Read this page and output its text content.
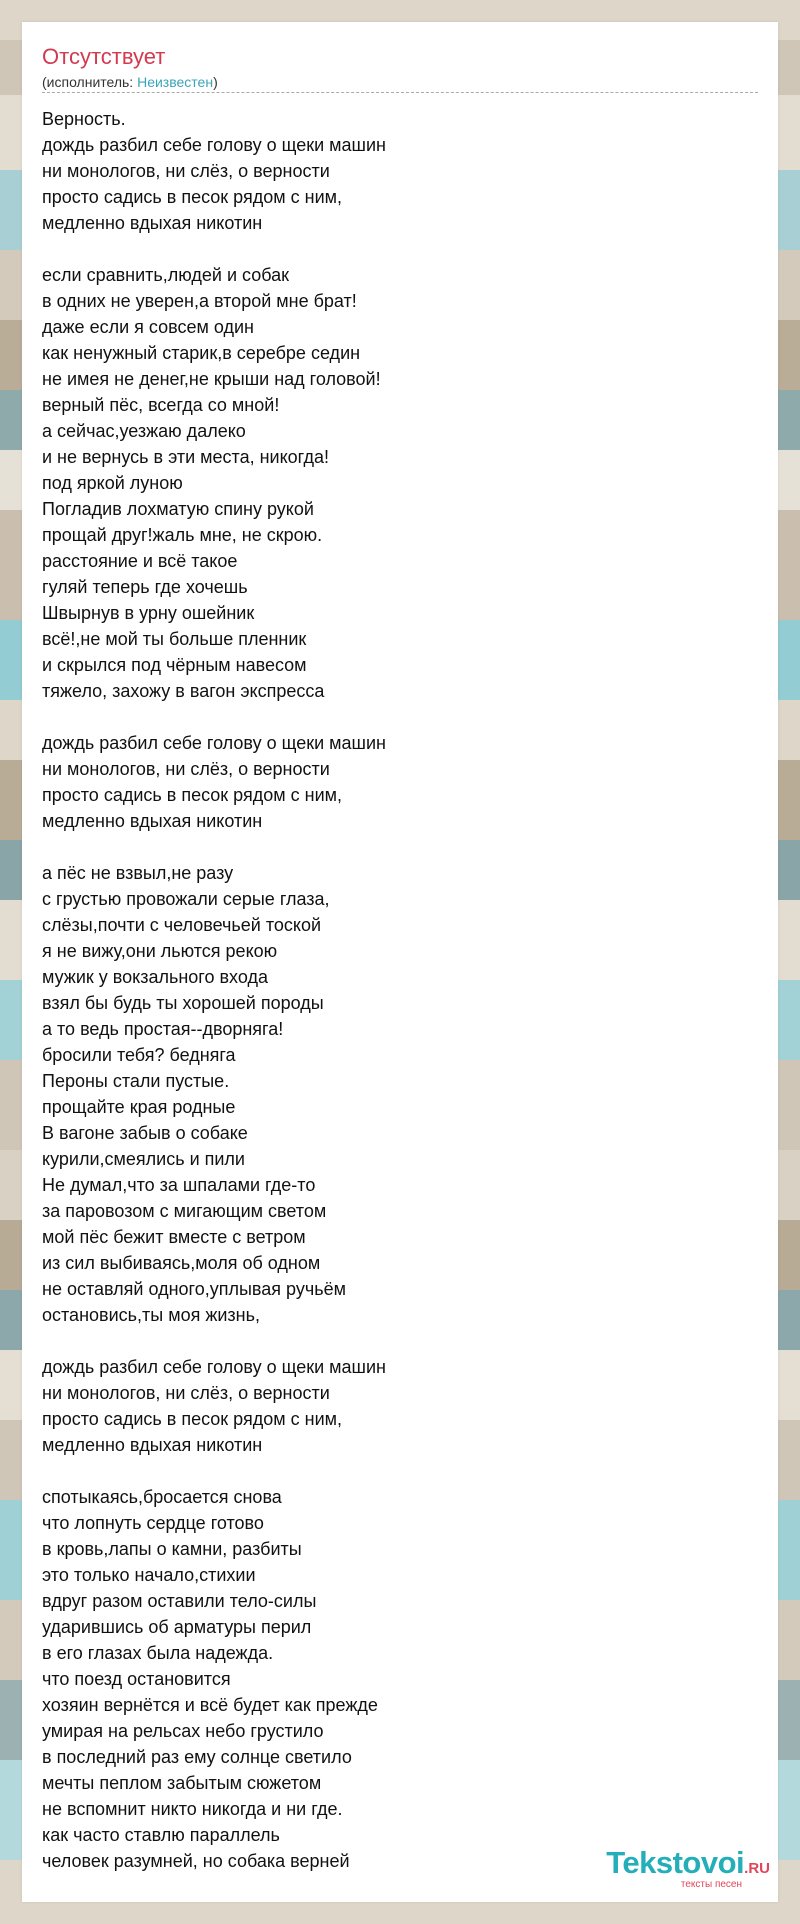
Отсутствует
(исполнитель: Неизвестен)
Верность.
дождь разбил себе голову о щеки машин
ни монологов, ни слёз, о верности
просто садись в песок рядом с ним,
медленно вдыхая никотин
если сравнить,людей и собак
в одних не уверен,а второй мне брат!
даже если я совсем один
как ненужный старик,в серебре седин
не имея не денег,не крыши над головой!
верный пёс, всегда со мной!
а сейчас,уезжаю далеко
и не вернусь в эти места, никогда!
под яркой луною
Погладив лохматую спину рукой
прощай друг!жаль мне, не скрою.
расстояние и всё такое
гуляй теперь где хочешь
Швырнув в урну ошейник
всё!,не мой ты больше пленник
и скрылся под чёрным навесом
тяжело, захожу в вагон экспресса
дождь разбил себе голову о щеки машин
ни монологов, ни слёз, о верности
просто садись в песок рядом с ним,
медленно вдыхая никотин
а пёс не взвыл,не разу
с грустью провожали серые глаза,
слёзы,почти с человечьей тоской
я не вижу,они льются рекою
мужик у вокзального входа
взял бы будь ты хорошей породы
а то ведь простая--дворняга!
бросили тебя? бедняга
Пероны стали пустые.
прощайте края родные
В вагоне забыв о собаке
курили,смеялись и пили
Не думал,что за шпалами где-то
за паровозом с мигающим светом
мой пёс бежит вместе с ветром
из сил выбиваясь,моля об одном
не оставляй одного,уплывая ручьём
остановись,ты моя жизнь,
дождь разбил себе голову о щеки машин
ни монологов, ни слёз, о верности
просто садись в песок рядом с ним,
медленно вдыхая никотин
спотыкаясь,бросается снова
что лопнуть сердце готово
в кровь,лапы о камни, разбиты
это только начало,стихии
вдруг разом оставили тело-силы
ударившись об арматуры перил
в его глазах была надежда.
что поезд остановится
хозяин вернётся и всё будет как прежде
умирая на рельсах небо грустило
в последний раз ему солнце светило
мечты пеплом забытым сюжетом
не вспомнит никто никогда и ни где.
как часто ставлю параллель
человек разумней, но собака верней	Tekstovoi.RU
тексты песен
